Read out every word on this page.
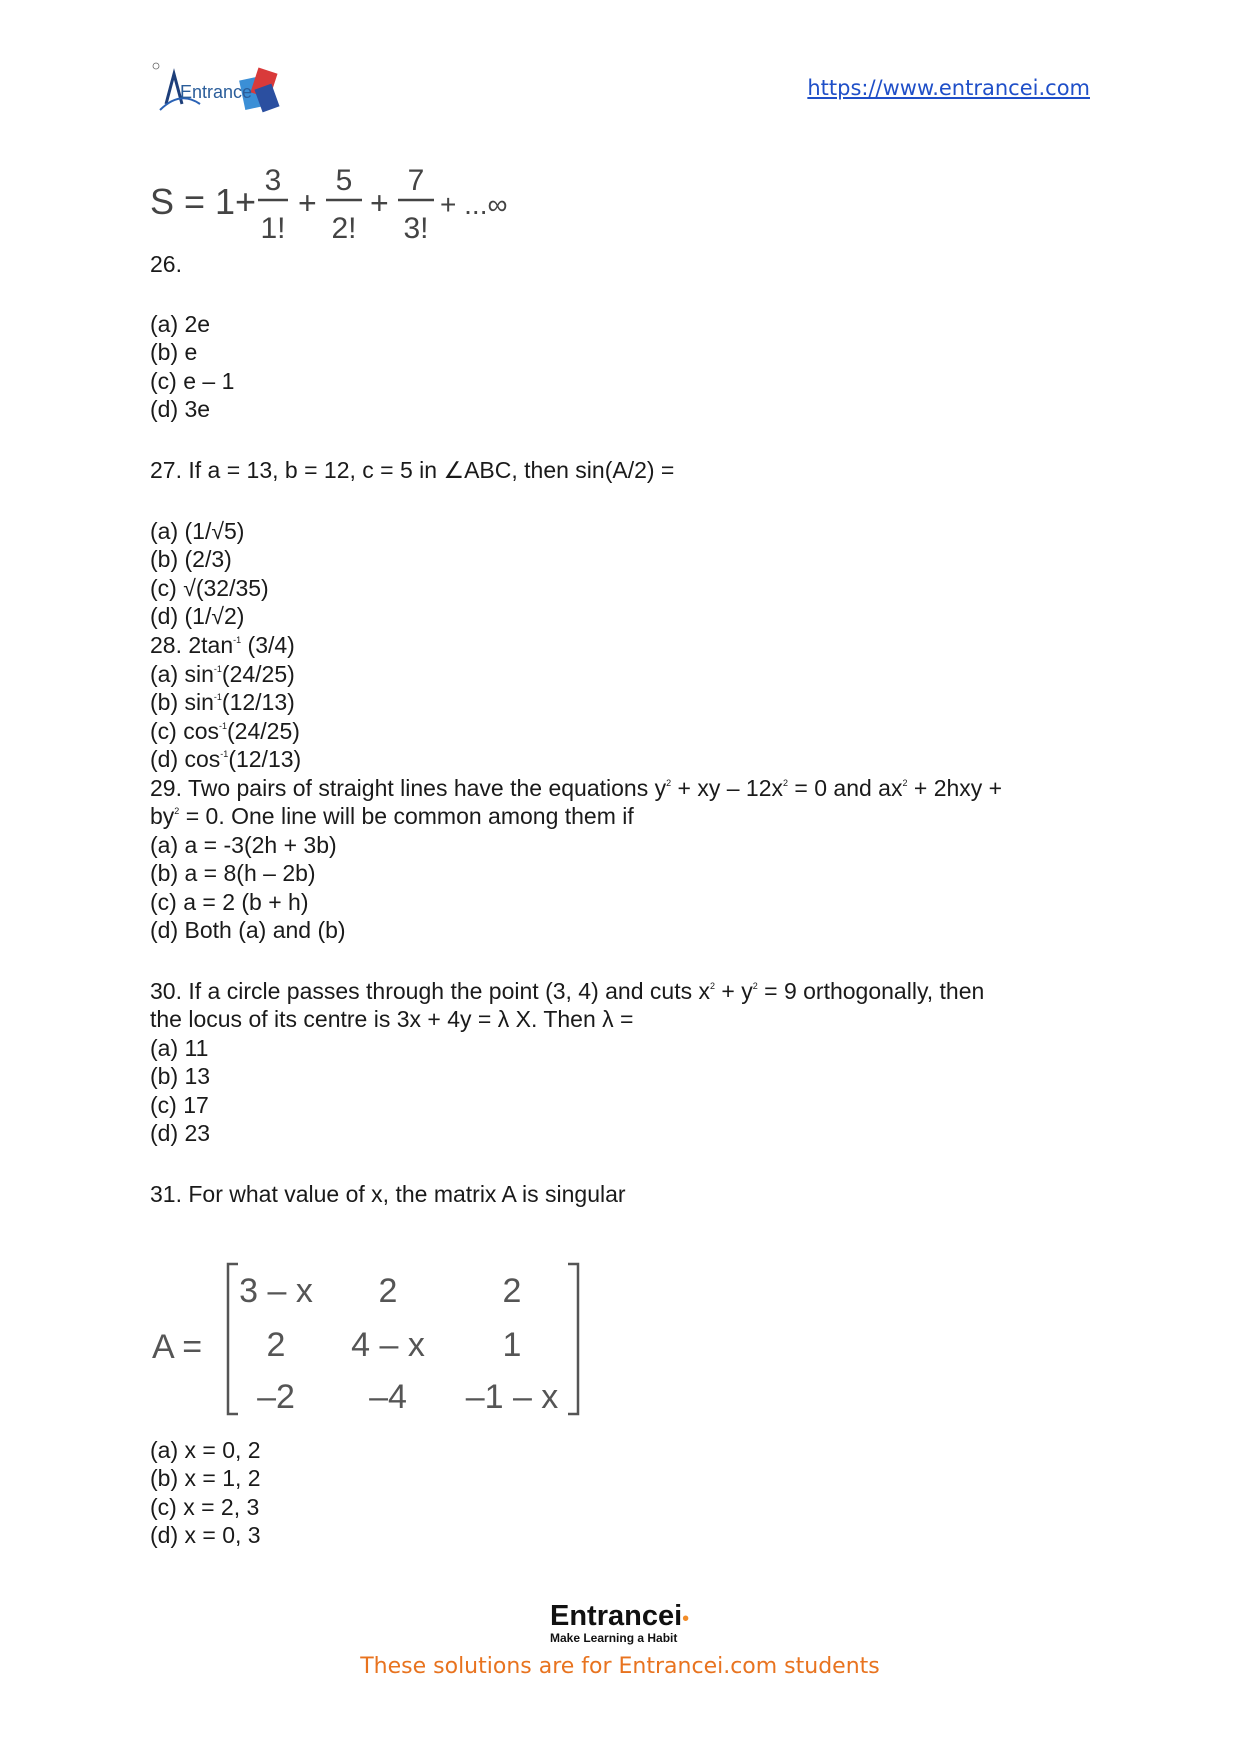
Entrance	https://www.entrancei.com
S = 1+
3
1!
+
5
2!
+
7
3!
+ ...∞
26.
(a) 2e
(b) e
(c) e – 1
(d) 3e
27. If a = 13, b = 12, c = 5 in ∠ABC, then sin(A/2) =
(a) (1/√5)
(b) (2/3)
(c) √(32/35)
(d) (1/√2)
28. $2\tan^{-1}$ (3/4)
(a) $\sin^{-1}(24/25)$
(b) $\sin^{-1}(12/13)$
(c) $\cos^{-1}(24/25)$
(d) $\cos^{-1}(12/13)$
29. Two pairs of straight lines have the equations $y^2$ + xy – $12x^2 = 0$ and $ax^2 + 2hxy$ +
$by^2 = 0$. One line will be common among them if
(a) a = -3(2h + 3b)
(b) a = 8(h – 2b)
(c) a = 2 (b + h)
(d) Both (a) and (b)
30. If a circle passes through the point (3, 4) and cuts $x^2 + y^2 = 9$ orthogonally, then
the locus of its centre is 3x + 4y = λ X. Then λ =
(a) 11
(b) 13
(c) 17
(d) 23
31. For what value of x, the matrix A is singular
A =
3 – x 2	2
2 4 – x 1
–2 –4 –1 – x
(a) x = 0, 2
(b) x = 1, 2
(c) x = 2, 3
(d) x = 0, 3
Entrancei•
Make Learning a Habit
These solutions are for Entrancei.com students
